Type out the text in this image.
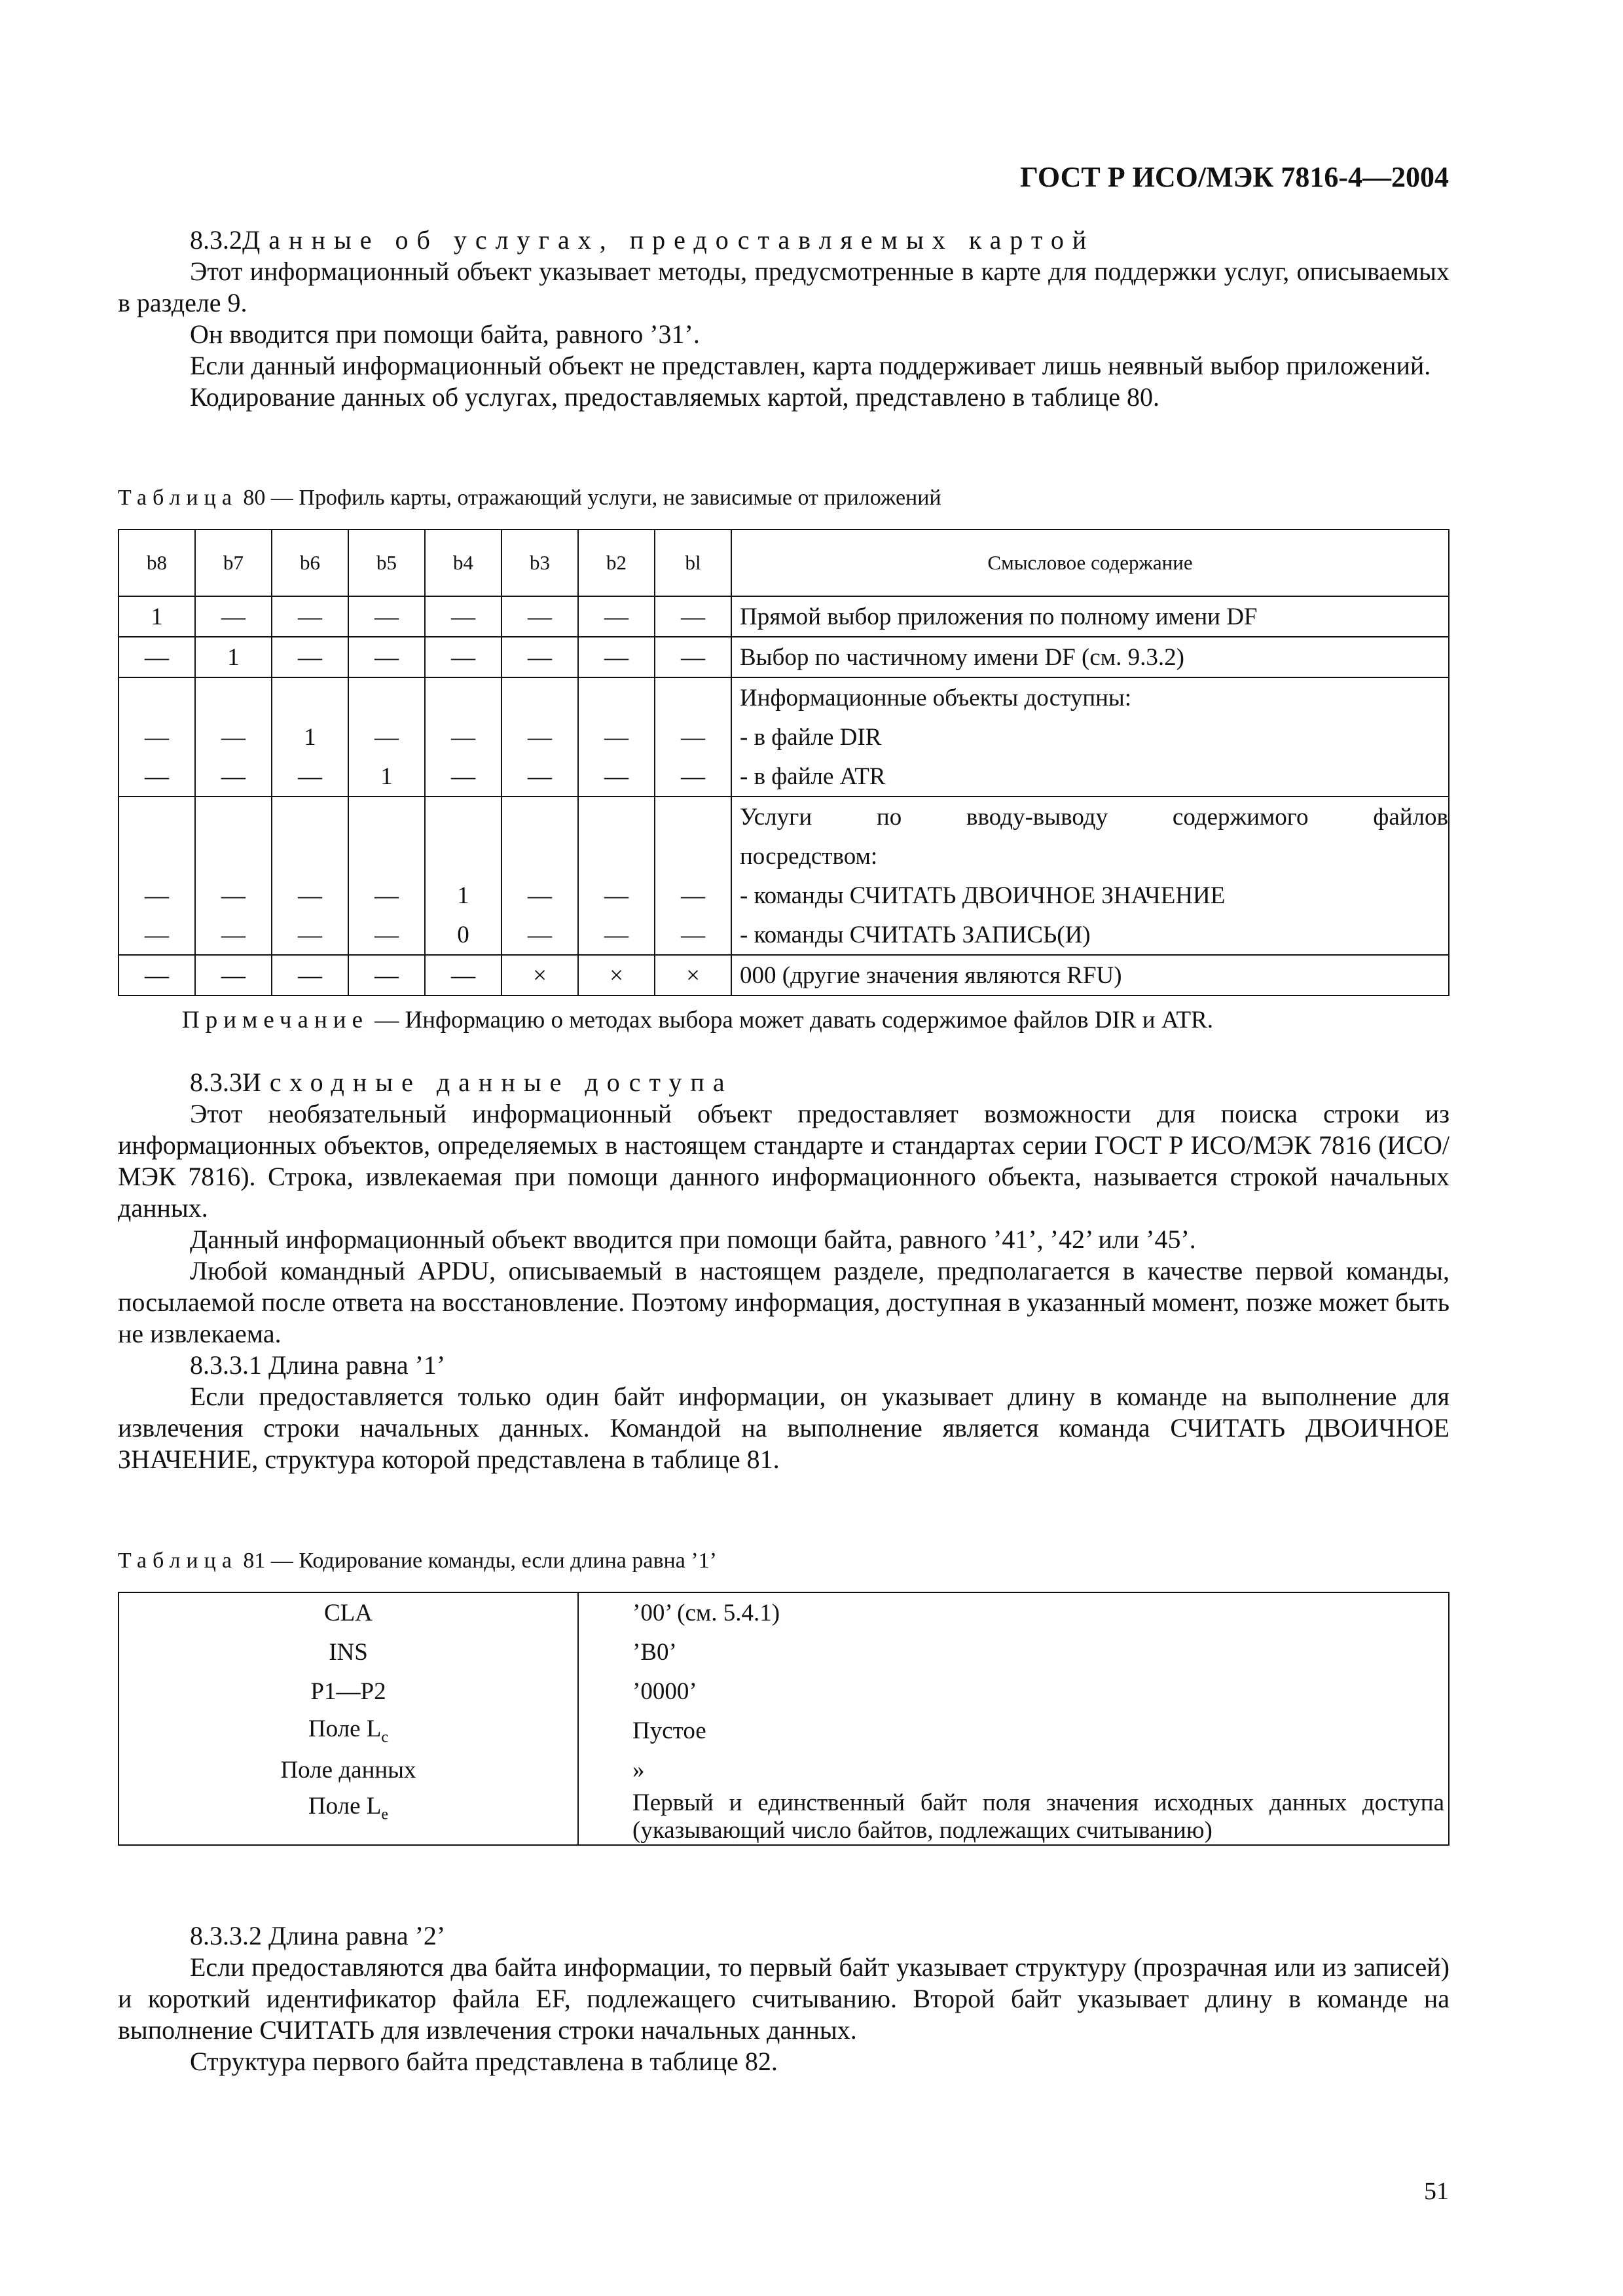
ГОСТ Р ИСО/МЭК 7816-4—2004

8.3.2Данные об услугах, предоставляемых картой

Этот информационный объект указывает методы, предусмотренные в карте для поддержки услуг, описываемых в разделе 9.

Он вводится при помощи байта, равного ’31’.

Если данный информационный объект не представлен, карта поддерживает лишь неявный выбор приложений.

Кодирование данных об услугах, предоставляемых картой, представлено в таблице 80.

Таблица 80 — Профиль карты, отражающий услуги, не зависимые от приложений
b8	b7	b6	b5	b4	b3	b2	bl	Смысловое содержание
1	—	—	—	—	—	—	—	Прямой выбор приложения по полному имени DF
—	1	—	—	—	—	—	—	Выбор по частичному имени DF (см. 9.3.2)
								Информационные объекты доступны:
—	—	1	—	—	—	—	—	- в файле DIR
—	—	—	1	—	—	—	—	- в файле ATR
								Услуги по вводу-выводу содержимого файлов
								посредством:
—	—	—	—	1	—	—	—	- команды СЧИТАТЬ ДВОИЧНОЕ ЗНАЧЕНИЕ
—	—	—	—	0	—	—	—	- команды СЧИТАТЬ ЗАПИСЬ(И)
—	—	—	—	—	×	×	×	000 (другие значения являются RFU)
Примечание — Информацию о методах выбора может давать содержимое файлов DIR и ATR.

8.3.3Исходные данные доступа

Этот необязательный информационный объект предоставляет возможности для поиска строки из информационных объектов, определяемых в настоящем стандарте и стандартах серии ГОСТ Р ИСО/МЭК 7816 (ИСО/МЭК 7816). Строка, извлекаемая при помощи данного информационного объекта, называется строкой начальных данных.

Данный информационный объект вводится при помощи байта, равного ’41’, ’42’ или ’45’.

Любой командный APDU, описываемый в настоящем разделе, предполагается в качестве первой команды, посылаемой после ответа на восстановление. Поэтому информация, доступная в указанный момент, позже может быть не извлекаема.

8.3.3.1 Длина равна ’1’

Если предоставляется только один байт информации, он указывает длину в команде на выполнение для извлечения строки начальных данных. Командой на выполнение является команда СЧИТАТЬ ДВОИЧНОЕ ЗНАЧЕНИЕ, структура которой представлена в таблице 81.

Таблица 81 — Кодирование команды, если длина равна ’1’
CLA	’00’ (см. 5.4.1)
INS	’B0’
P1—P2	’0000’
Поле $L_c$	Пустое
Поле данных	»
Поле $L_e$	Первый и единственный байт поля значения исходных данных доступа (указывающий число байтов, подлежащих считыванию)

8.3.3.2 Длина равна ’2’

Если предоставляются два байта информации, то первый байт указывает структуру (прозрачная или из записей) и короткий идентификатор файла EF, подлежащего считыванию. Второй байт указывает длину в команде на выполнение СЧИТАТЬ для извлечения строки начальных данных.

Структура первого байта представлена в таблице 82.

51
